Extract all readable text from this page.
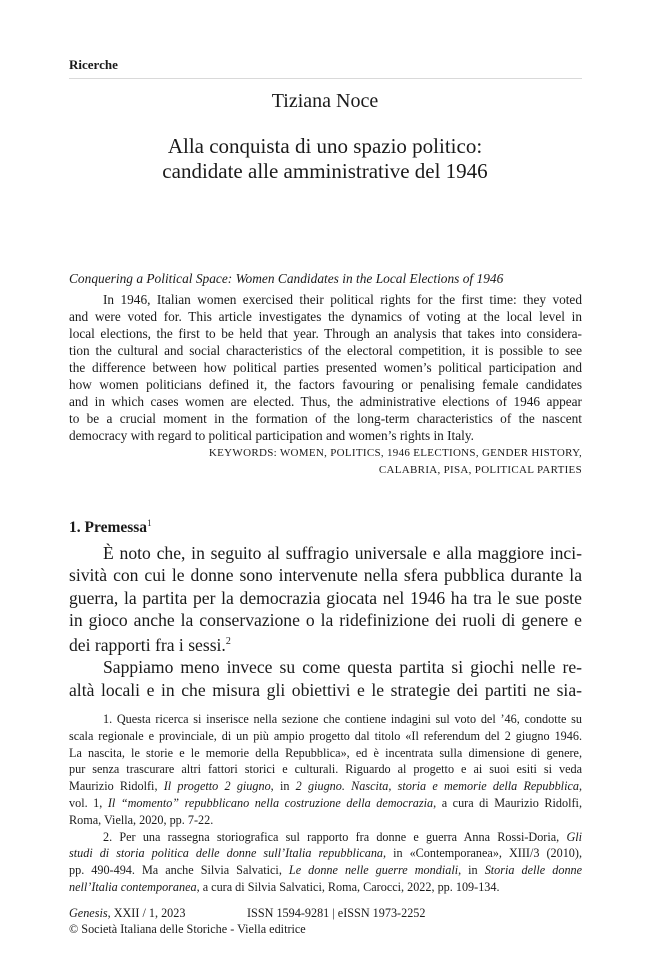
Ricerche
Tiziana Noce
Alla conquista di uno spazio politico:
candidate alle amministrative del 1946
Conquering a Political Space: Women Candidates in the Local Elections of 1946
In 1946, Italian women exercised their political rights for the first time: they voted
and were voted for. This article investigates the dynamics of voting at the local level in
local elections, the first to be held that year. Through an analysis that takes into considera-
tion the cultural and social characteristics of the electoral competition, it is possible to see
the difference between how political parties presented women’s political participation and
how women politicians defined it, the factors favouring or penalising female candidates
and in which cases women are elected. Thus, the administrative elections of 1946 appear
to be a crucial moment in the formation of the long-term characteristics of the nascent
democracy with regard to political participation and women’s rights in Italy.
KEYWORDS: WOMEN, POLITICS, 1946 ELECTIONS, GENDER HISTORY,
CALABRIA, PISA, POLITICAL PARTIES
1. Premessa$^1$
È noto che, in seguito al suffragio universale e alla maggiore inci-
sività con cui le donne sono intervenute nella sfera pubblica durante la
guerra, la partita per la democrazia giocata nel 1946 ha tra le sue poste
in gioco anche la conservazione o la ridefinizione dei ruoli di genere e
dei rapporti fra i sessi.$^2$
Sappiamo meno invece su come questa partita si giochi nelle re-
altà locali e in che misura gli obiettivi e le strategie dei partiti ne sia-
1. Questa ricerca si inserisce nella sezione che contiene indagini sul voto del ’46, condotte su
scala regionale e provinciale, di un più ampio progetto dal titolo «Il referendum del 2 giugno 1946.
La nascita, le storie e le memorie della Repubblica», ed è incentrata sulla dimensione di genere,
pur senza trascurare altri fattori storici e culturali. Riguardo al progetto e ai suoi esiti si veda
Maurizio Ridolfi, Il progetto 2 giugno, in 2 giugno. Nascita, storia e memorie della Repubblica,
vol. 1, Il “momento” repubblicano nella costruzione della democrazia, a cura di Maurizio Ridolfi,
Roma, Viella, 2020, pp. 7-22.
2. Per una rassegna storiografica sul rapporto fra donne e guerra Anna Rossi-Doria, Gli
studi di storia politica delle donne sull’Italia repubblicana, in «Contemporanea», XIII/3 (2010),
pp. 490-494. Ma anche Silvia Salvatici, Le donne nelle guerre mondiali, in Storia delle donne
nell’Italia contemporanea, a cura di Silvia Salvatici, Roma, Carocci, 2022, pp. 109-134.
Genesis, XXII / 1, 2023	ISSN 1594-9281 | eISSN 1973-2252
© Società Italiana delle Storiche - Viella editrice
